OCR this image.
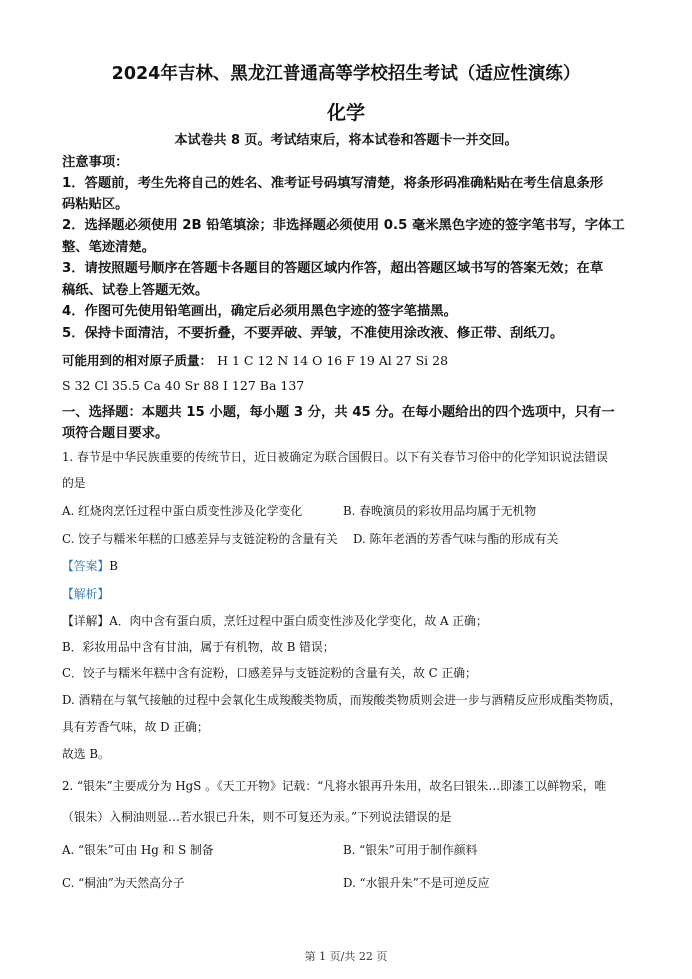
2024年吉林、黑龙江普通高等学校招生考试（适应性演练）
化学
本试卷共 8 页。考试结束后，将本试卷和答题卡一并交回。
注意事项：
1．答题前，考生先将自己的姓名、准考证号码填写清楚，将条形码准确粘贴在考生信息条形
码粘贴区。
2．选择题必须使用 2B 铅笔填涂；非选择题必须使用 0.5 毫米黑色字迹的签字笔书写，字体工
整、笔迹清楚。
3．请按照题号顺序在答题卡各题目的答题区域内作答，超出答题区域书写的答案无效；在草
稿纸、试卷上答题无效。
4．作图可先使用铅笔画出，确定后必须用黑色字迹的签字笔描黑。
5．保持卡面清洁，不要折叠，不要弄破、弄皱，不准使用涂改液、修正带、刮纸刀。
可能用到的相对原子质量： H 1 C 12 N 14 O 16 F 19 Al 27 Si 28
S 32 Cl 35.5 Ca 40 Sr 88 I 127 Ba 137
一、选择题：本题共 15 小题，每小题 3 分，共 45 分。在每小题给出的四个选项中，只有一
项符合题目要求。
1. 春节是中华民族重要的传统节日，近日被确定为联合国假日。以下有关春节习俗中的化学知识说法错误
的是
A. 红烧肉烹饪过程中蛋白质变性涉及化学变化	B. 春晚演员的彩妆用品均属于无机物
C. 饺子与糯米年糕的口感差异与支链淀粉的含量有关 D. 陈年老酒的芳香气味与酯的形成有关
【答案】B
【解析】
【详解】A．肉中含有蛋白质，烹饪过程中蛋白质变性涉及化学变化，故 A 正确；
B．彩妆用品中含有甘油，属于有机物，故 B 错误；
C．饺子与糯米年糕中含有淀粉，口感差异与支链淀粉的含量有关，故 C 正确；
D. 酒精在与氧气接触的过程中会氧化生成羧酸类物质，而羧酸类物质则会进一步与酒精反应形成酯类物质，
具有芳香气味，故 D 正确；
故选 B。
2. “银朱”主要成分为 HgS 。《天工开物》记载：“凡将水银再升朱用，故名曰银朱…即漆工以鲜物采，唯
（银朱）入桐油则显…若水银已升朱，则不可复还为汞。”下列说法错误的是
A. “银朱”可由 Hg 和 S 制备	B. “银朱”可用于制作颜料
C. “桐油”为天然高分子	D. “水银升朱”不是可逆反应
第 1 页/共 22 页
